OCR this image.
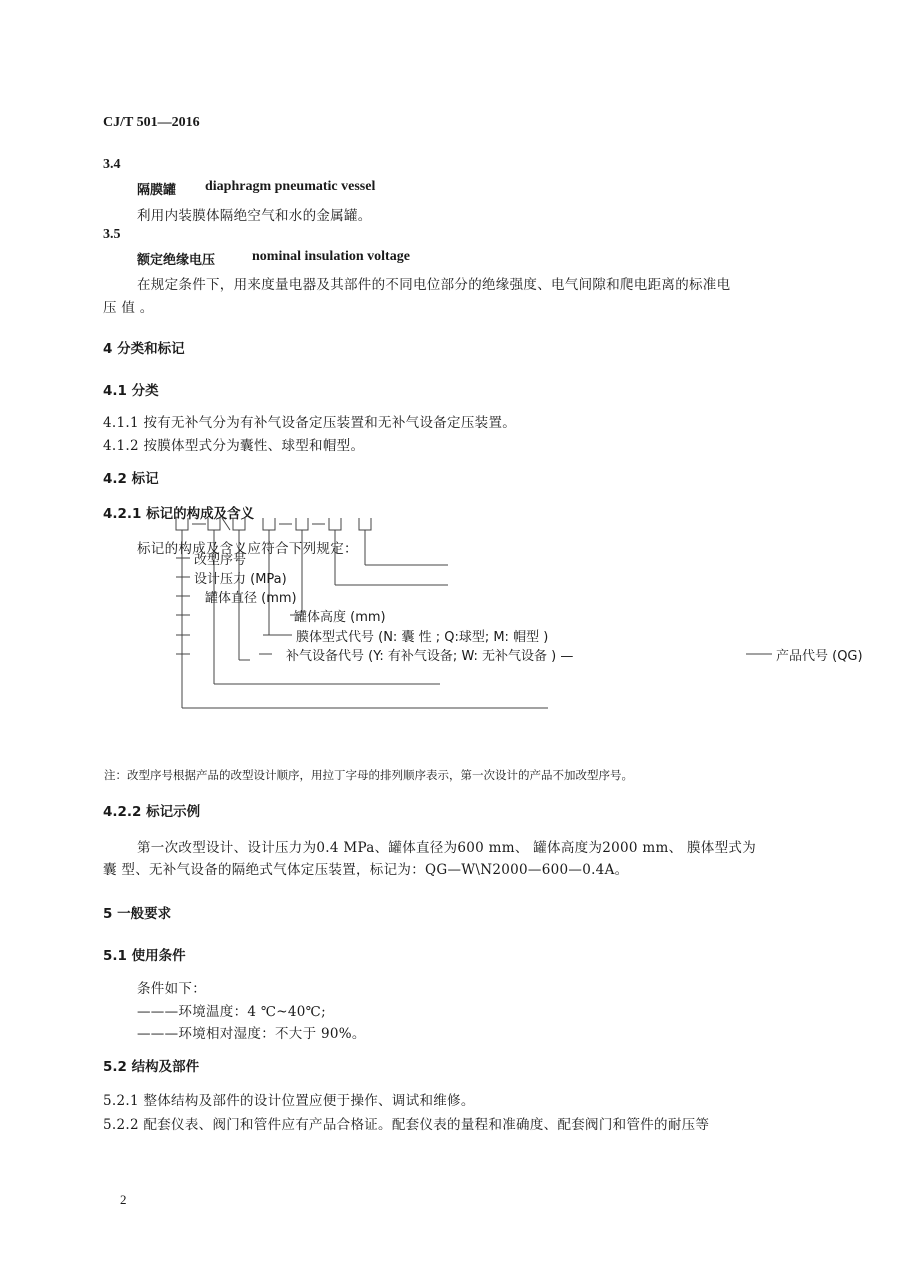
CJ/T 501—2016
3.4
隔膜罐 diaphragm pneumatic vessel
利用内装膜体隔绝空气和水的金属罐。
3.5
额定绝缘电压	nominal insulation voltage
在规定条件下，用来度量电器及其部件的不同电位部分的绝缘强度、电气间隙和爬电距离的标准电
压 值 。
4 分类和标记
4.1 分类
4.1.1 按有无补气分为有补气设备定压装置和无补气设备定压装置。
4.1.2 按膜体型式分为囊性、球型和帽型。
4.2 标记
4.2.1 标记的构成及含义
标记的构成及含义应符合下列规定：
改型序号
设计压力 (MPa)
罐体直径 (mm)
罐体高度 (mm)
膜体型式代号 (N: 囊 性 ; Q:球型; M: 帽型 )
补气设备代号 (Y: 有补气设备; W: 无补气设备 ) —	产品代号 (QG)
注：改型序号根据产品的改型设计顺序，用拉丁字母的排列顺序表示，第一次设计的产品不加改型序号。
4.2.2 标记示例
第一次改型设计、设计压力为0.4 MPa、罐体直径为600 mm、 罐体高度为2000 mm、 膜体型式为
囊 型、无补气设备的隔绝式气体定压装置，标记为：QG—W\N2000—600—0.4A。
5 一般要求
5.1 使用条件
条件如下：
———环境温度：4 ℃~40℃;
———环境相对湿度：不大于 90%。
5.2 结构及部件
5.2.1 整体结构及部件的设计位置应便于操作、调试和维修。
5.2.2 配套仪表、阀门和管件应有产品合格证。配套仪表的量程和准确度、配套阀门和管件的耐压等
2
